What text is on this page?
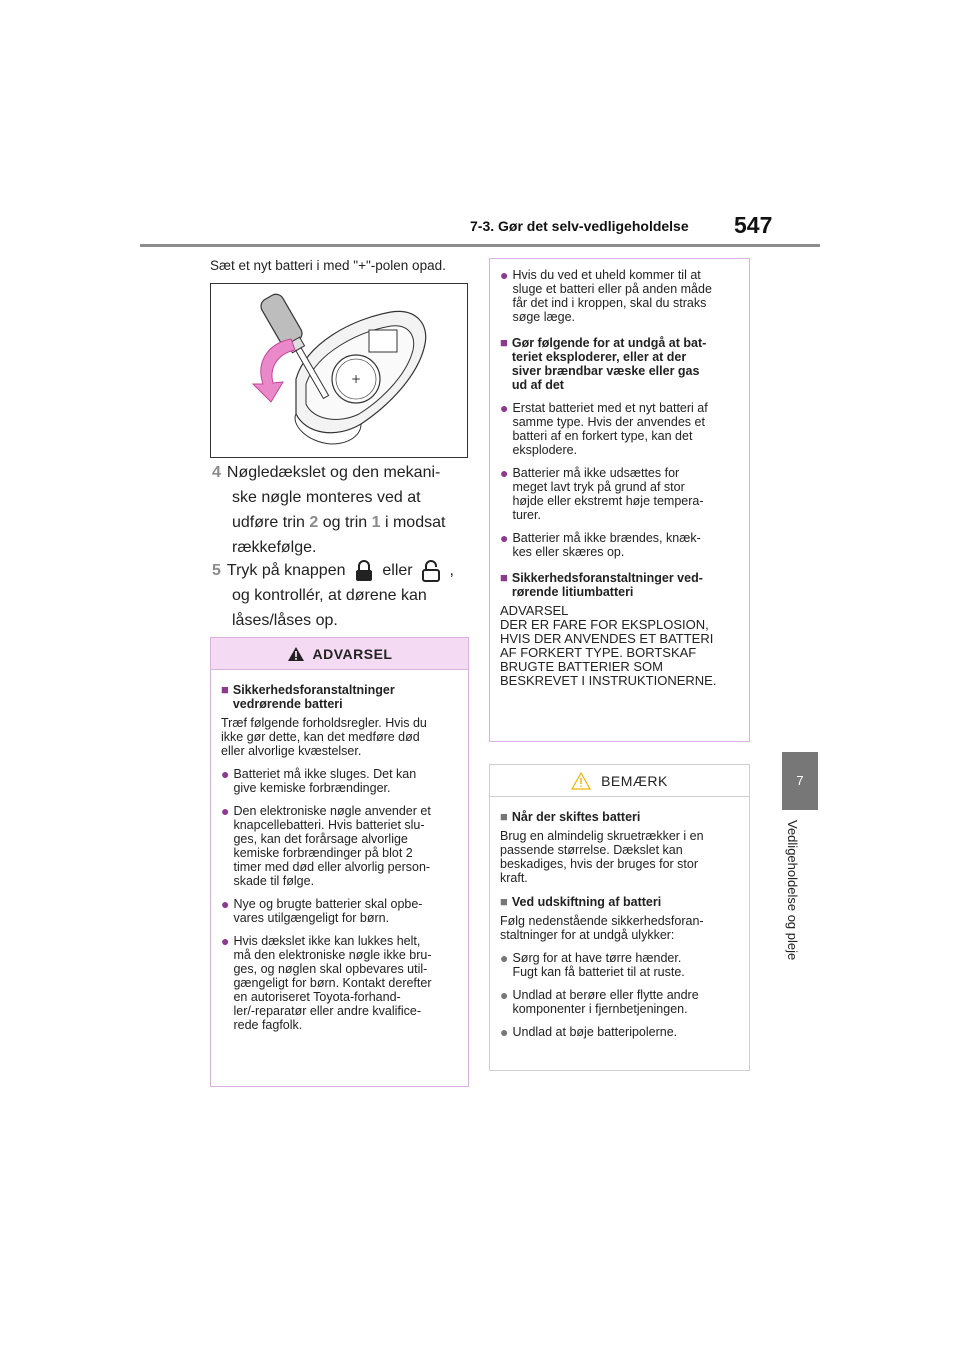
7-3. Gør det selv-vedligeholdelse 547
7
Vedligeholdelse og pleje
Sæt et nyt batteri i med "+"-polen opad.
+
4 Nøgledækslet og den mekani-
ske nøgle monteres ved at
udføre trin 2 og trin 1 i modsat
rækkefølge.
5 Tryk på knappen  eller  ,
og kontrollér, at dørene kan
låses/låses op.
ADVARSEL
■ Sikkerhedsforanstaltninger vedrørende batteri
Træf følgende forholdsregler. Hvis du
ikke gør dette, kan det medføre død
eller alvorlige kvæstelser.
● Batteriet må ikke sluges. Det kan
give kemiske forbrændinger.
● Den elektroniske nøgle anvender et
knapcellebatteri. Hvis batteriet slu-
ges, kan det forårsage alvorlige
kemiske forbrændinger på blot 2
timer med død eller alvorlig person-
skade til følge.
● Nye og brugte batterier skal opbe-
vares utilgængeligt for børn.
● Hvis dækslet ikke kan lukkes helt,
må den elektroniske nøgle ikke bru-
ges, og nøglen skal opbevares util-
gængeligt for børn. Kontakt derefter
en autoriseret Toyota-forhand-
ler/-reparatør eller andre kvalifice-
rede fagfolk.
● Hvis du ved et uheld kommer til at
sluge et batteri eller på anden måde
får det ind i kroppen, skal du straks
søge læge.
■ Gør følgende for at undgå at bat-
teriet eksploderer, eller at der
siver brændbar væske eller gas
ud af det
● Erstat batteriet med et nyt batteri af
samme type. Hvis der anvendes et
batteri af en forkert type, kan det
eksplodere.
● Batterier må ikke udsættes for
meget lavt tryk på grund af stor
højde eller ekstremt høje tempera-
turer.
● Batterier må ikke brændes, knæk-
kes eller skæres op.
■ Sikkerhedsforanstaltninger ved-
rørende litiumbatteri
ADVARSEL
DER ER FARE FOR EKSPLOSION,
HVIS DER ANVENDES ET BATTERI
AF FORKERT TYPE. BORTSKAF
BRUGTE BATTERIER SOM
BESKREVET I INSTRUKTIONERNE.
BEMÆRK
■ Når der skiftes batteri
Brug en almindelig skruetrækker i en
passende størrelse. Dækslet kan
beskadiges, hvis der bruges for stor
kraft.
■ Ved udskiftning af batteri
Følg nedenstående sikkerhedsforan-
staltninger for at undgå ulykker:
● Sørg for at have tørre hænder.
Fugt kan få batteriet til at ruste.
● Undlad at berøre eller flytte andre
komponenter i fjernbetjeningen.
● Undlad at bøje batteripolerne.
